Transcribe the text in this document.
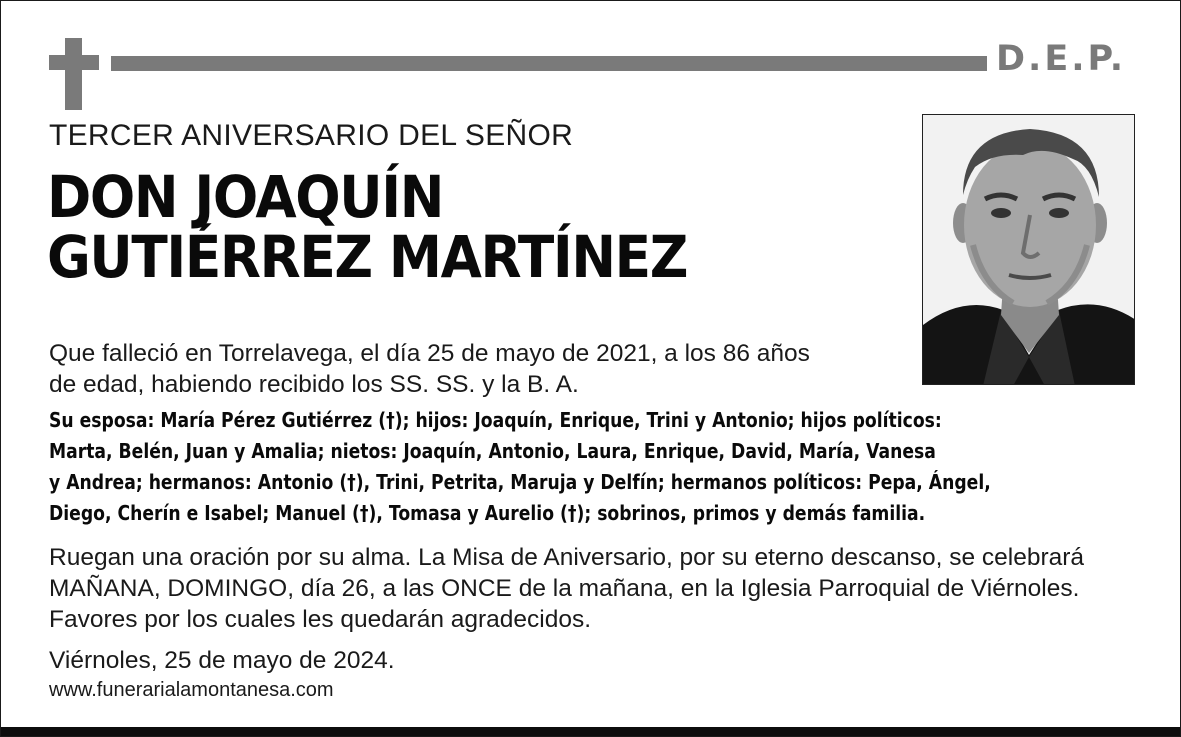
D.E.P.
TERCER ANIVERSARIO DEL SEÑOR
DON JOAQUÍN
GUTIÉRREZ MARTÍNEZ
Que falleció en Torrelavega, el día 25 de mayo de 2021, a los 86 años
de edad, habiendo recibido los SS. SS. y la B. A.
Su esposa: María Pérez Gutiérrez (†); hijos: Joaquín, Enrique, Trini y Antonio; hijos políticos:
Marta, Belén, Juan y Amalia; nietos: Joaquín, Antonio, Laura, Enrique, David, María, Vanesa
y Andrea; hermanos: Antonio (†), Trini, Petrita, Maruja y Delfín; hermanos políticos: Pepa, Ángel,
Diego, Cherín e Isabel; Manuel (†), Tomasa y Aurelio (†); sobrinos, primos y demás familia.
Ruegan una oración por su alma. La Misa de Aniversario, por su eterno descanso, se celebrará
MAÑANA, DOMINGO, día 26, a las ONCE de la mañana, en la Iglesia Parroquial de Viérnoles.
Favores por los cuales les quedarán agradecidos.
Viérnoles, 25 de mayo de 2024.
www.funerarialamontanesa.com
